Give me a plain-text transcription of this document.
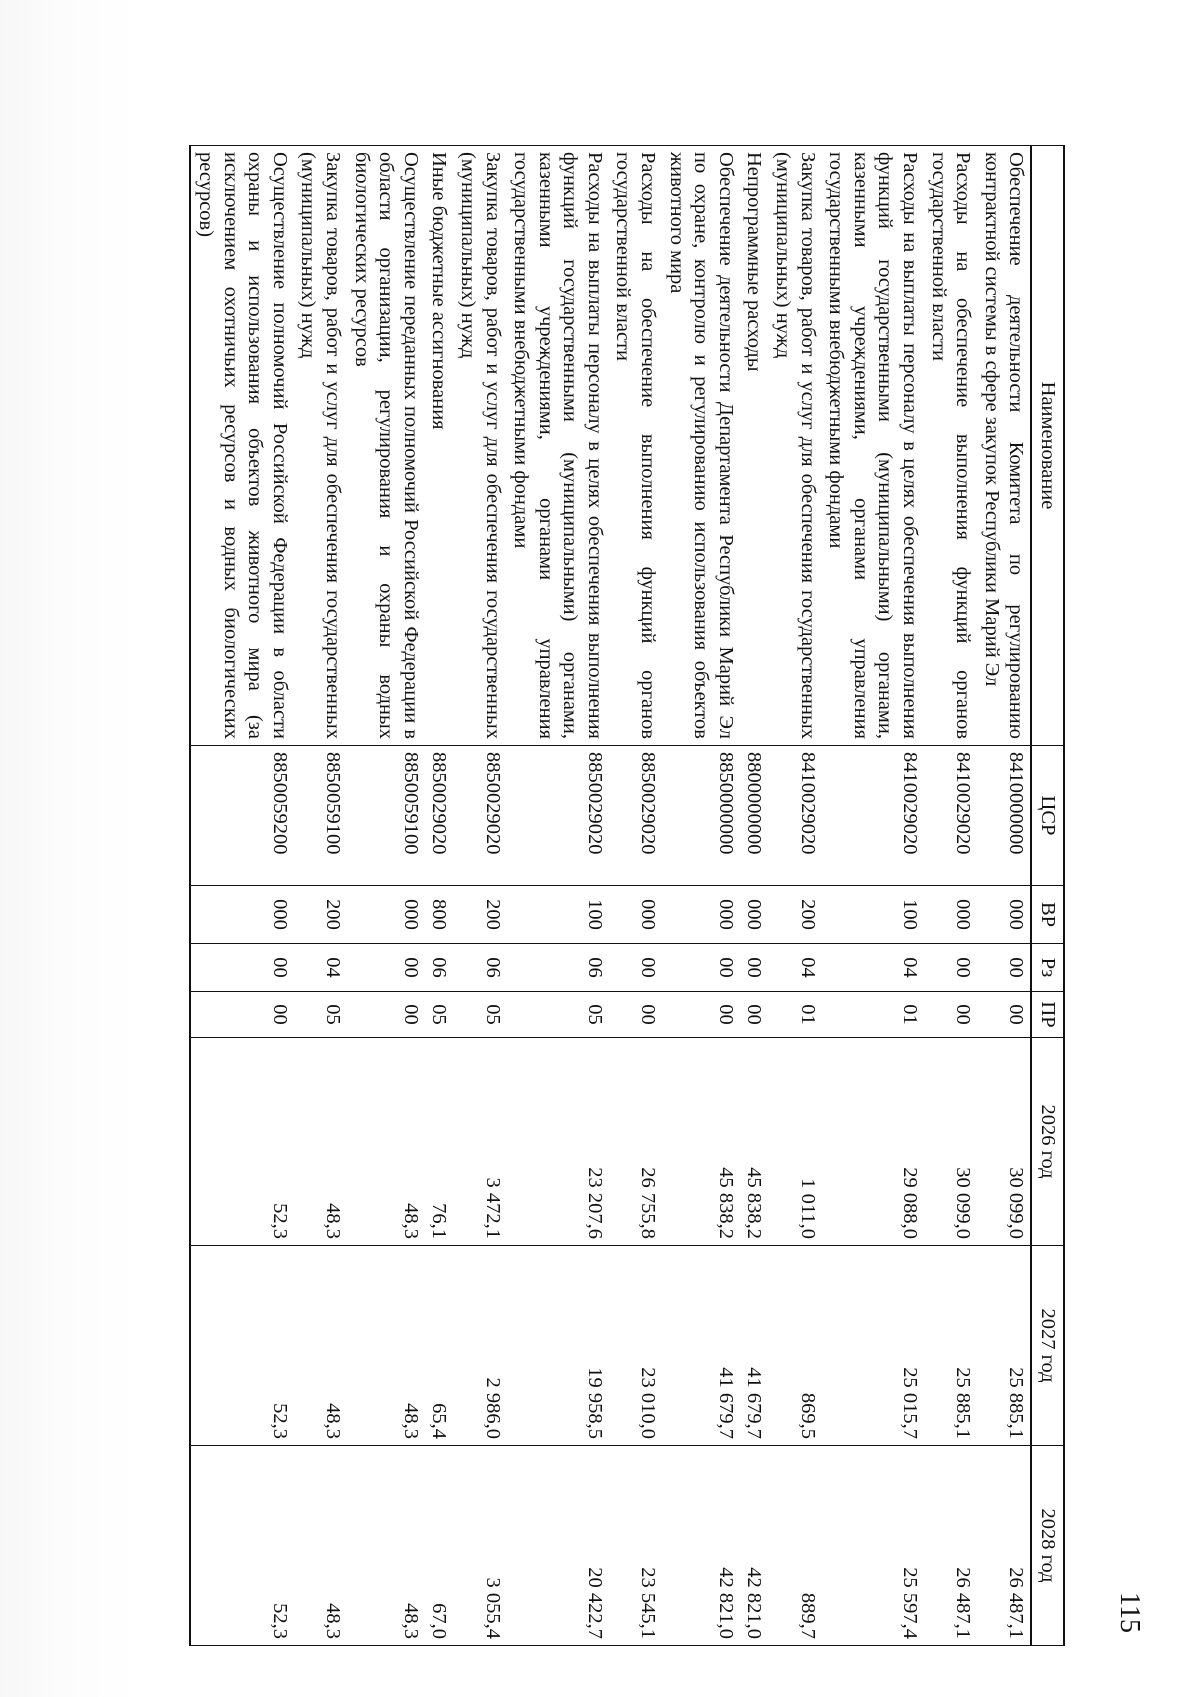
115
Наименование	ЦСР	ВР	Рз	ПР	2026 год	2027 год	2028 год
Обеспечение деятельности Комитета по регулированию контрактной системы в сфере закупок Республики Марий Эл	8410000000	000	00	00	30 099,0	25 885,1	26 487,1
Расходы на обеспечение выполнения функций органов государственной власти	8410029020	000	00	00	30 099,0	25 885,1	26 487,1
Расходы на выплаты персоналу в целях обеспечения выполнения функций государственными (муниципальными) органами, казенными учреждениями, органами управления государственными внебюджетными фондами	8410029020	100	04	01	29 088,0	25 015,7	25 597,4
Закупка товаров, работ и услуг для обеспечения государственных (муниципальных) нужд	8410029020	200	04	01	1 011,0	869,5	889,7
Непрограммные расходы	8800000000	000	00	00	45 838,2	41 679,7	42 821,0
Обеспечение деятельности Департамента Республики Марий Эл по охране, контролю и регулированию использования объектов животного мира	8850000000	000	00	00	45 838,2	41 679,7	42 821,0
Расходы на обеспечение выполнения функций органов государственной власти	8850029020	000	00	00	26 755,8	23 010,0	23 545,1
Расходы на выплаты персоналу в целях обеспечения выполнения функций государственными (муниципальными) органами, казенными учреждениями, органами управления государственными внебюджетными фондами	8850029020	100	06	05	23 207,6	19 958,5	20 422,7
Закупка товаров, работ и услуг для обеспечения государственных (муниципальных) нужд	8850029020	200	06	05	3 472,1	2 986,0	3 055,4
Иные бюджетные ассигнования	8850029020	800	06	05	76,1	65,4	67,0
Осуществление переданных полномочий Российской Федерации в области организации, регулирования и охраны водных биологических ресурсов	8850059100	000	00	00	48,3	48,3	48,3
Закупка товаров, работ и услуг для обеспечения государственных (муниципальных) нужд	8850059100	200	04	05	48,3	48,3	48,3
Осуществление полномочий Российской Федерации в области охраны и использования объектов животного мира (за исключением охотничьих ресурсов и водных биологических ресурсов)	8850059200	000	00	00	52,3	52,3	52,3
